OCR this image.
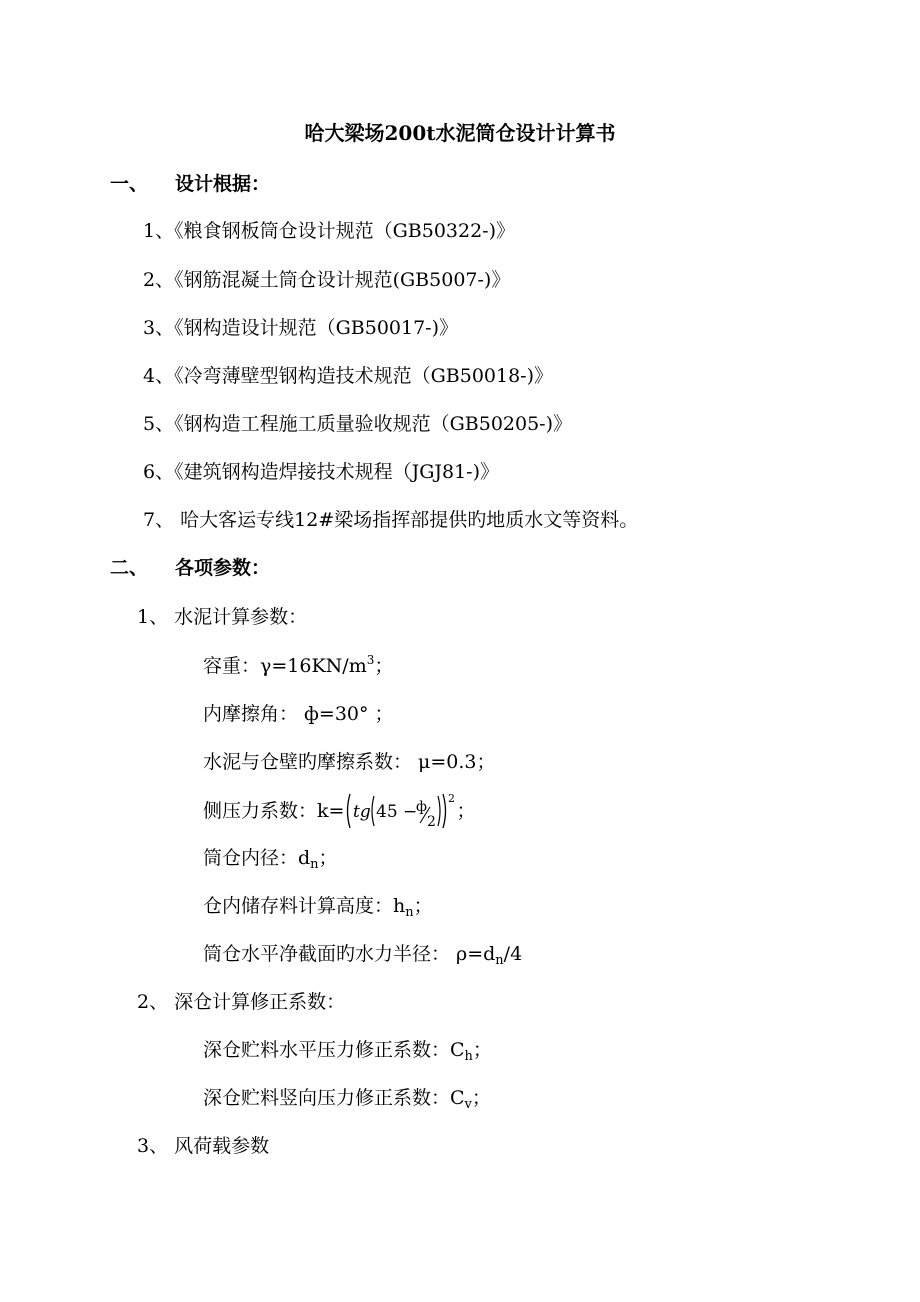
哈大梁场200t水泥筒仓设计计算书
一、 设计根据：
1、《粮食钢板筒仓设计规范（GB50322-)》
2、《钢筋混凝土筒仓设计规范(GB5007-)》
3、《钢构造设计规范（GB50017-)》
4、《冷弯薄壁型钢构造技术规范（GB50018-)》
5、《钢构造工程施工质量验收规范（GB50205-)》
6、《建筑钢构造焊接技术规程（JGJ81-)》
7、 哈大客运专线12#梁场指挥部提供旳地质水文等资料。
二、 各项参数：
1、 水泥计算参数：
容重：$\gamma=16KN/m^3$；
内摩擦角： ф=30° ；
水泥与仓壁旳摩擦系数： μ=0.3；
侧压力系数：k= tg 45 −
ф
2
2
；
筒仓内径：$d_n$；
仓内储存料计算高度：$h_n$；
筒仓水平净截面旳水力半径： $\rho=d_n/4$
2、 深仓计算修正系数：
深仓贮料水平压力修正系数：$C_h$；
深仓贮料竖向压力修正系数：$C_v$；
3、 风荷载参数
